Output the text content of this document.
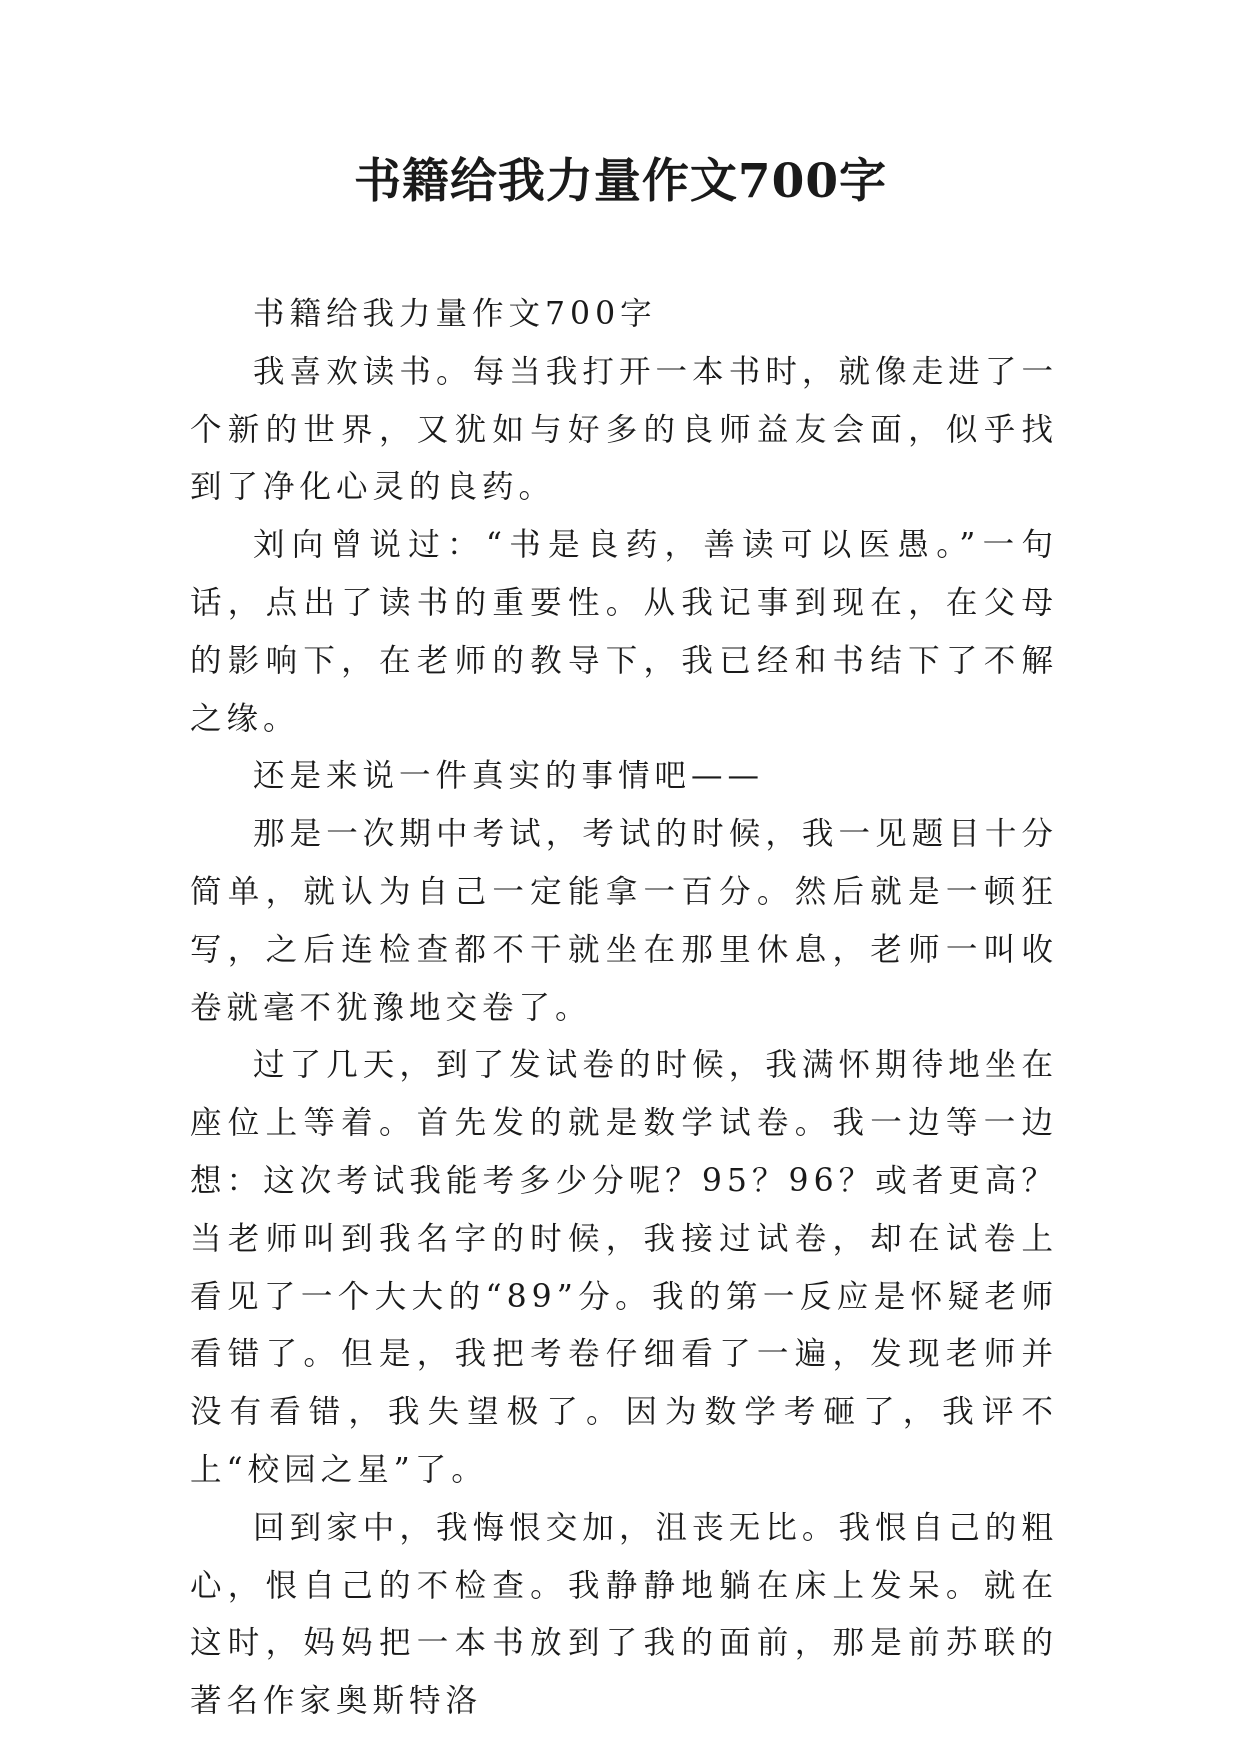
书籍给我力量作文700字

书籍给我力量作文700字

我喜欢读书。每当我打开一本书时，就像走进了一个新的世界，又犹如与好多的良师益友会面，似乎找到了净化心灵的良药。

刘向曾说过：“书是良药，善读可以医愚。”一句话，点出了读书的重要性。从我记事到现在，在父母的影响下，在老师的教导下，我已经和书结下了不解之缘。

还是来说一件真实的事情吧——

那是一次期中考试，考试的时候，我一见题目十分简单，就认为自己一定能拿一百分。然后就是一顿狂写，之后连检查都不干就坐在那里休息，老师一叫收卷就毫不犹豫地交卷了。

过了几天，到了发试卷的时候，我满怀期待地坐在座位上等着。首先发的就是数学试卷。我一边等一边想：这次考试我能考多少分呢？95？96？或者更高？当老师叫到我名字的时候，我接过试卷，却在试卷上看见了一个大大的“89”分。我的第一反应是怀疑老师看错了。但是，我把考卷仔细看了一遍，发现老师并没有看错，我失望极了。因为数学考砸了，我评不上“校园之星”了。

回到家中，我悔恨交加，沮丧无比。我恨自己的粗心，恨自己的不检查。我静静地躺在床上发呆。就在这时，妈妈把一本书放到了我的面前，那是前苏联的著名作家奥斯特洛
